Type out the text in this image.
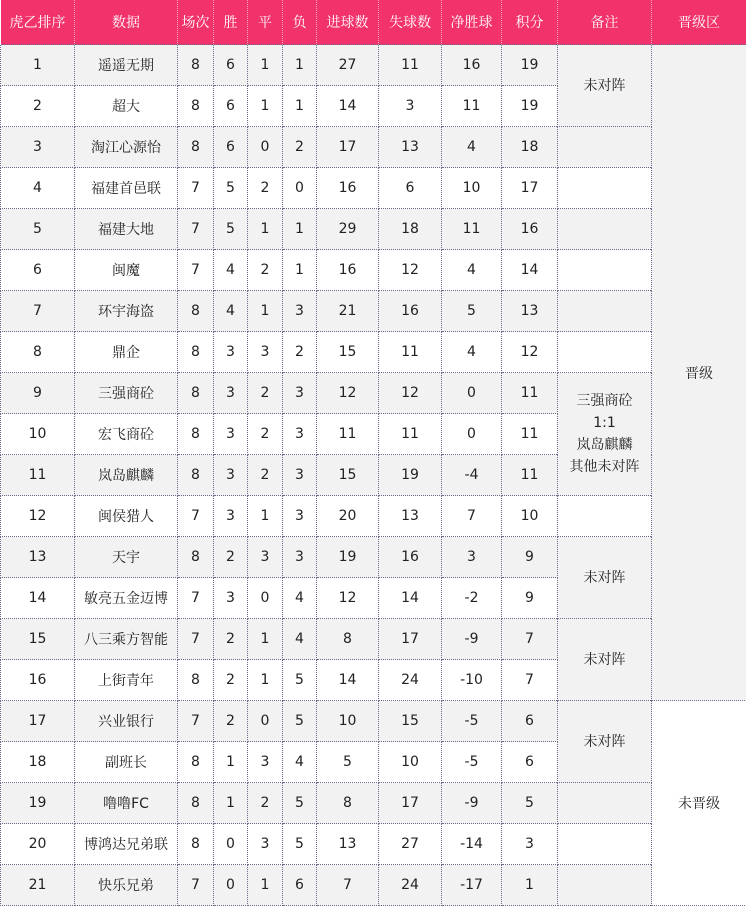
虎乙排序	数据	场次	胜	平	负	进球数	失球数	净胜球	积分	备注	晋级区
1	遥遥无期	8	6	1	1	27	11	16	19	未对阵	晋级
2	超大	8	6	1	1	14	3	11	19		
3	淘江心源怡	8	6	0	2	17	13	4	18		
4	福建首邑联	7	5	2	0	16	6	10	17		
5	福建大地	7	5	1	1	29	18	11	16		
6	闽魔	7	4	2	1	16	12	4	14		
7	环宇海盗	8	4	1	3	21	16	5	13		
8	鼎企	8	3	3	2	15	11	4	12		
9	三强商砼	8	3	2	3	12	12	0	11	三强商砼
1:1
岚岛麒麟
其他未对阵	

10	宏飞商砼	8	3	2	3	11	11	0	11		
11	岚岛麒麟	8	3	2	3	15	19	-4	11		
12	闽侯猎人	7	3	1	3	20	13	7	10		
13	天宇	8	2	3	3	19	16	3	9	未对阵	

14	敏亮五金迈博	7	3	0	4	12	14	-2	9		
15	八三乘方智能	7	2	1	4	8	17	-9	7	未对阵	

16	上街青年	8	2	1	5	14	24	-10	7		
17	兴业银行	7	2	0	5	10	15	-5	6	未对阵	未晋级
18	副班长	8	1	3	4	5	10	-5	6		
19	噜噜FC	8	1	2	5	8	17	-9	5		
20	博鸿达兄弟联	8	0	3	5	13	27	-14	3		
21	快乐兄弟	7	0	1	6	7	24	-17	1		
